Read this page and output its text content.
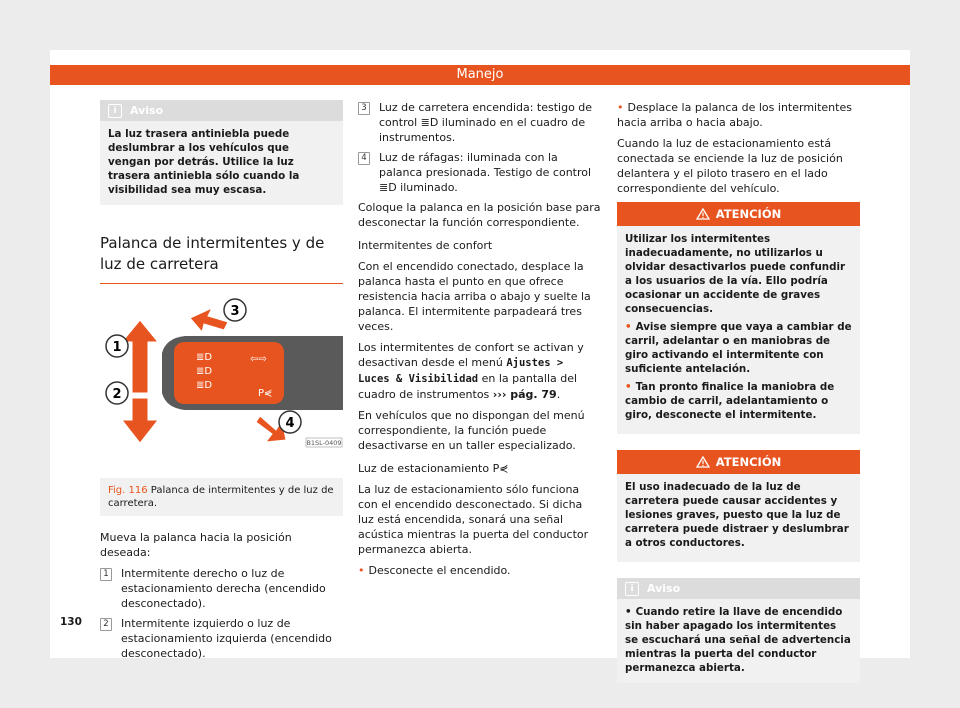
Manejo
i	Aviso
La luz trasera antiniebla puede deslumbrar a los vehículos que vengan por detrás. Utilice la luz trasera antiniebla sólo cuando la visibilidad sea muy escasa.
Palanca de intermitentes y de luz de carretera
≣D
≣D
≣D
⇦⇨
P⋞
1
2
3
4
B1SL-0409
Fig. 116 Palanca de intermitentes y de luz de carretera.

Mueva la palanca hacia la posición deseada:

1 Intermitente derecho o luz de estacionamiento derecha (encendido desconectado).
2 Intermitente izquierdo o luz de estacionamiento izquierda (encendido desconectado).
3 Luz de carretera encendida: testigo de control ≣D iluminado en el cuadro de instrumentos.
4 Luz de ráfagas: iluminada con la palanca presionada. Testigo de control ≣D iluminado.

Coloque la palanca en la posición base para desconectar la función correspondiente.

Intermitentes de confort

Con el encendido conectado, desplace la palanca hasta el punto en que ofrece resistencia hacia arriba o abajo y suelte la palanca. El intermitente parpadeará tres veces.

Los intermitentes de confort se activan y desactivan desde el menú Ajustes > Luces & Visibilidad en la pantalla del cuadro de instrumentos ››› pág. 79.

En vehículos que no dispongan del menú correspondiente, la función puede desactivarse en un taller especializado.

Luz de estacionamiento P⋞

La luz de estacionamiento sólo funciona con el encendido desconectado. Si dicha luz está encendida, sonará una señal acústica mientras la puerta del conductor permanezca abierta.

• Desconecte el encendido.

• Desplace la palanca de los intermitentes hacia arriba o hacia abajo.

Cuando la luz de estacionamiento está conectada se enciende la luz de posición delantera y el piloto trasero en el lado correspondiente del vehículo.

ATENCIÓN

Utilizar los intermitentes inadecuadamente, no utilizarlos u olvidar desactivarlos puede confundir a los usuarios de la vía. Ello podría ocasionar un accidente de graves consecuencias.

• Avise siempre que vaya a cambiar de carril, adelantar o en maniobras de giro activando el intermitente con suficiente antelación.

• Tan pronto finalice la maniobra de cambio de carril, adelantamiento o giro, desconecte el intermitente.

ATENCIÓN

El uso inadecuado de la luz de carretera puede causar accidentes y lesiones graves, puesto que la luz de carretera puede distraer y deslumbrar a otros conductores.

i	Aviso
• Cuando retire la llave de encendido sin haber apagado los intermitentes se escuchará una señal de advertencia mientras la puerta del conductor permanezca abierta.
130
